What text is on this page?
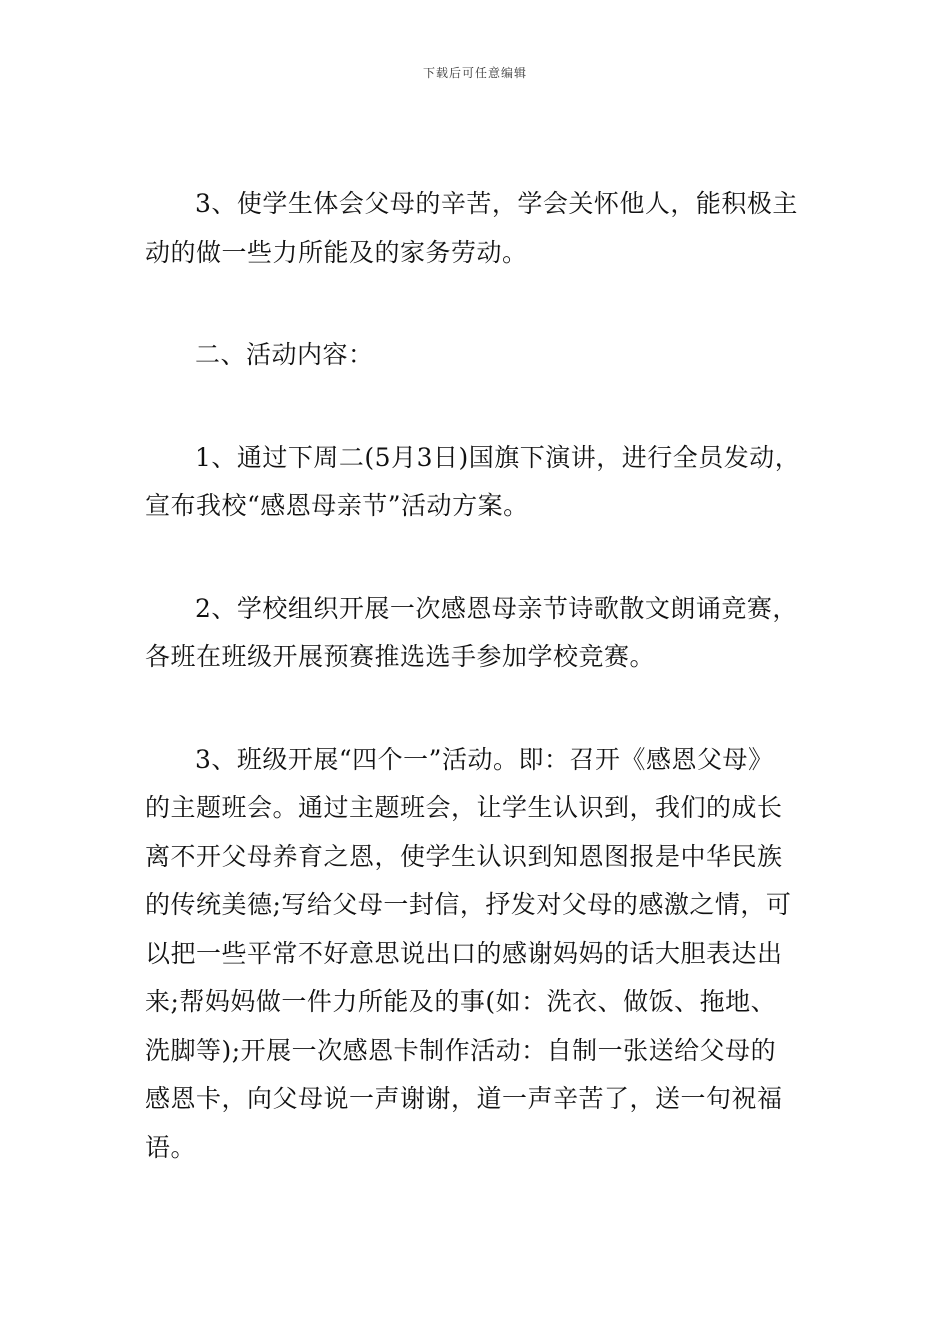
下载后可任意编辑

3、使学生体会父母的辛苦，学会关怀他人，能积极主
动的做一些力所能及的家务劳动。

二、活动内容：

1、通过下周二(5月3日)国旗下演讲，进行全员发动，
宣布我校“感恩母亲节”活动方案。

2、学校组织开展一次感恩母亲节诗歌散文朗诵竞赛，
各班在班级开展预赛推选选手参加学校竞赛。

3、班级开展“四个一”活动。即：召开《感恩父母》
的主题班会。通过主题班会，让学生认识到，我们的成长
离不开父母养育之恩，使学生认识到知恩图报是中华民族
的传统美德;写给父母一封信，抒发对父母的感激之情，可
以把一些平常不好意思说出口的感谢妈妈的话大胆表达出
来;帮妈妈做一件力所能及的事(如：洗衣、做饭、拖地、
洗脚等);开展一次感恩卡制作活动：自制一张送给父母的
感恩卡，向父母说一声谢谢，道一声辛苦了，送一句祝福
语。
